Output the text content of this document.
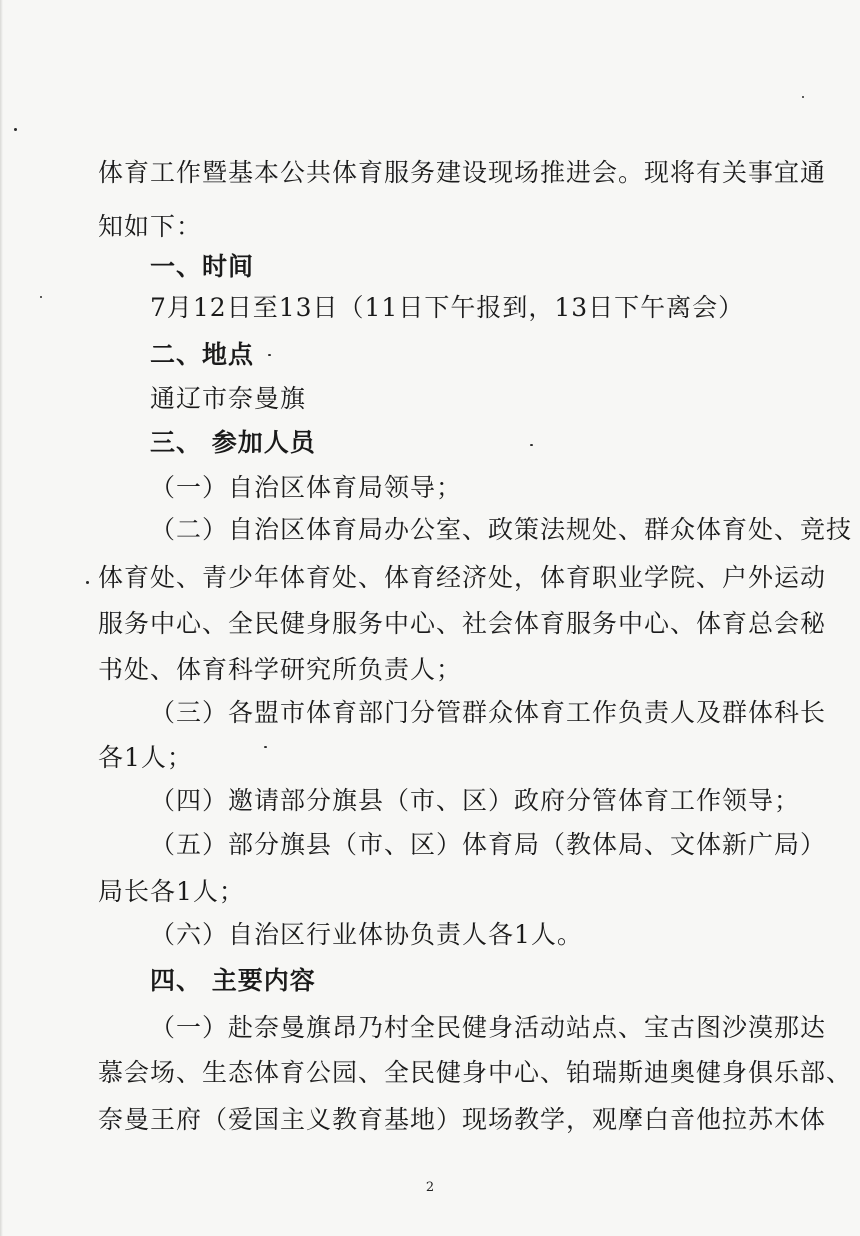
体育工作暨基本公共体育服务建设现场推进会。现将有关事宜通
知如下：
一、时间
7月12日至13日（11日下午报到，13日下午离会）
二、地点
通辽市奈曼旗
三、 参加人员
（一）自治区体育局领导；
（二）自治区体育局办公室、政策法规处、群众体育处、竞技
体育处、青少年体育处、体育经济处，体育职业学院、户外运动
服务中心、全民健身服务中心、社会体育服务中心、体育总会秘
书处、体育科学研究所负责人；
（三）各盟市体育部门分管群众体育工作负责人及群体科长
各1人；
（四）邀请部分旗县（市、区）政府分管体育工作领导；
（五）部分旗县（市、区）体育局（教体局、文体新广局）
局长各1人；
（六）自治区行业体协负责人各1人。
四、 主要内容
（一）赴奈曼旗昂乃村全民健身活动站点、宝古图沙漠那达
慕会场、生态体育公园、全民健身中心、铂瑞斯迪奥健身俱乐部、
奈曼王府（爱国主义教育基地）现场教学，观摩白音他拉苏木体
2
